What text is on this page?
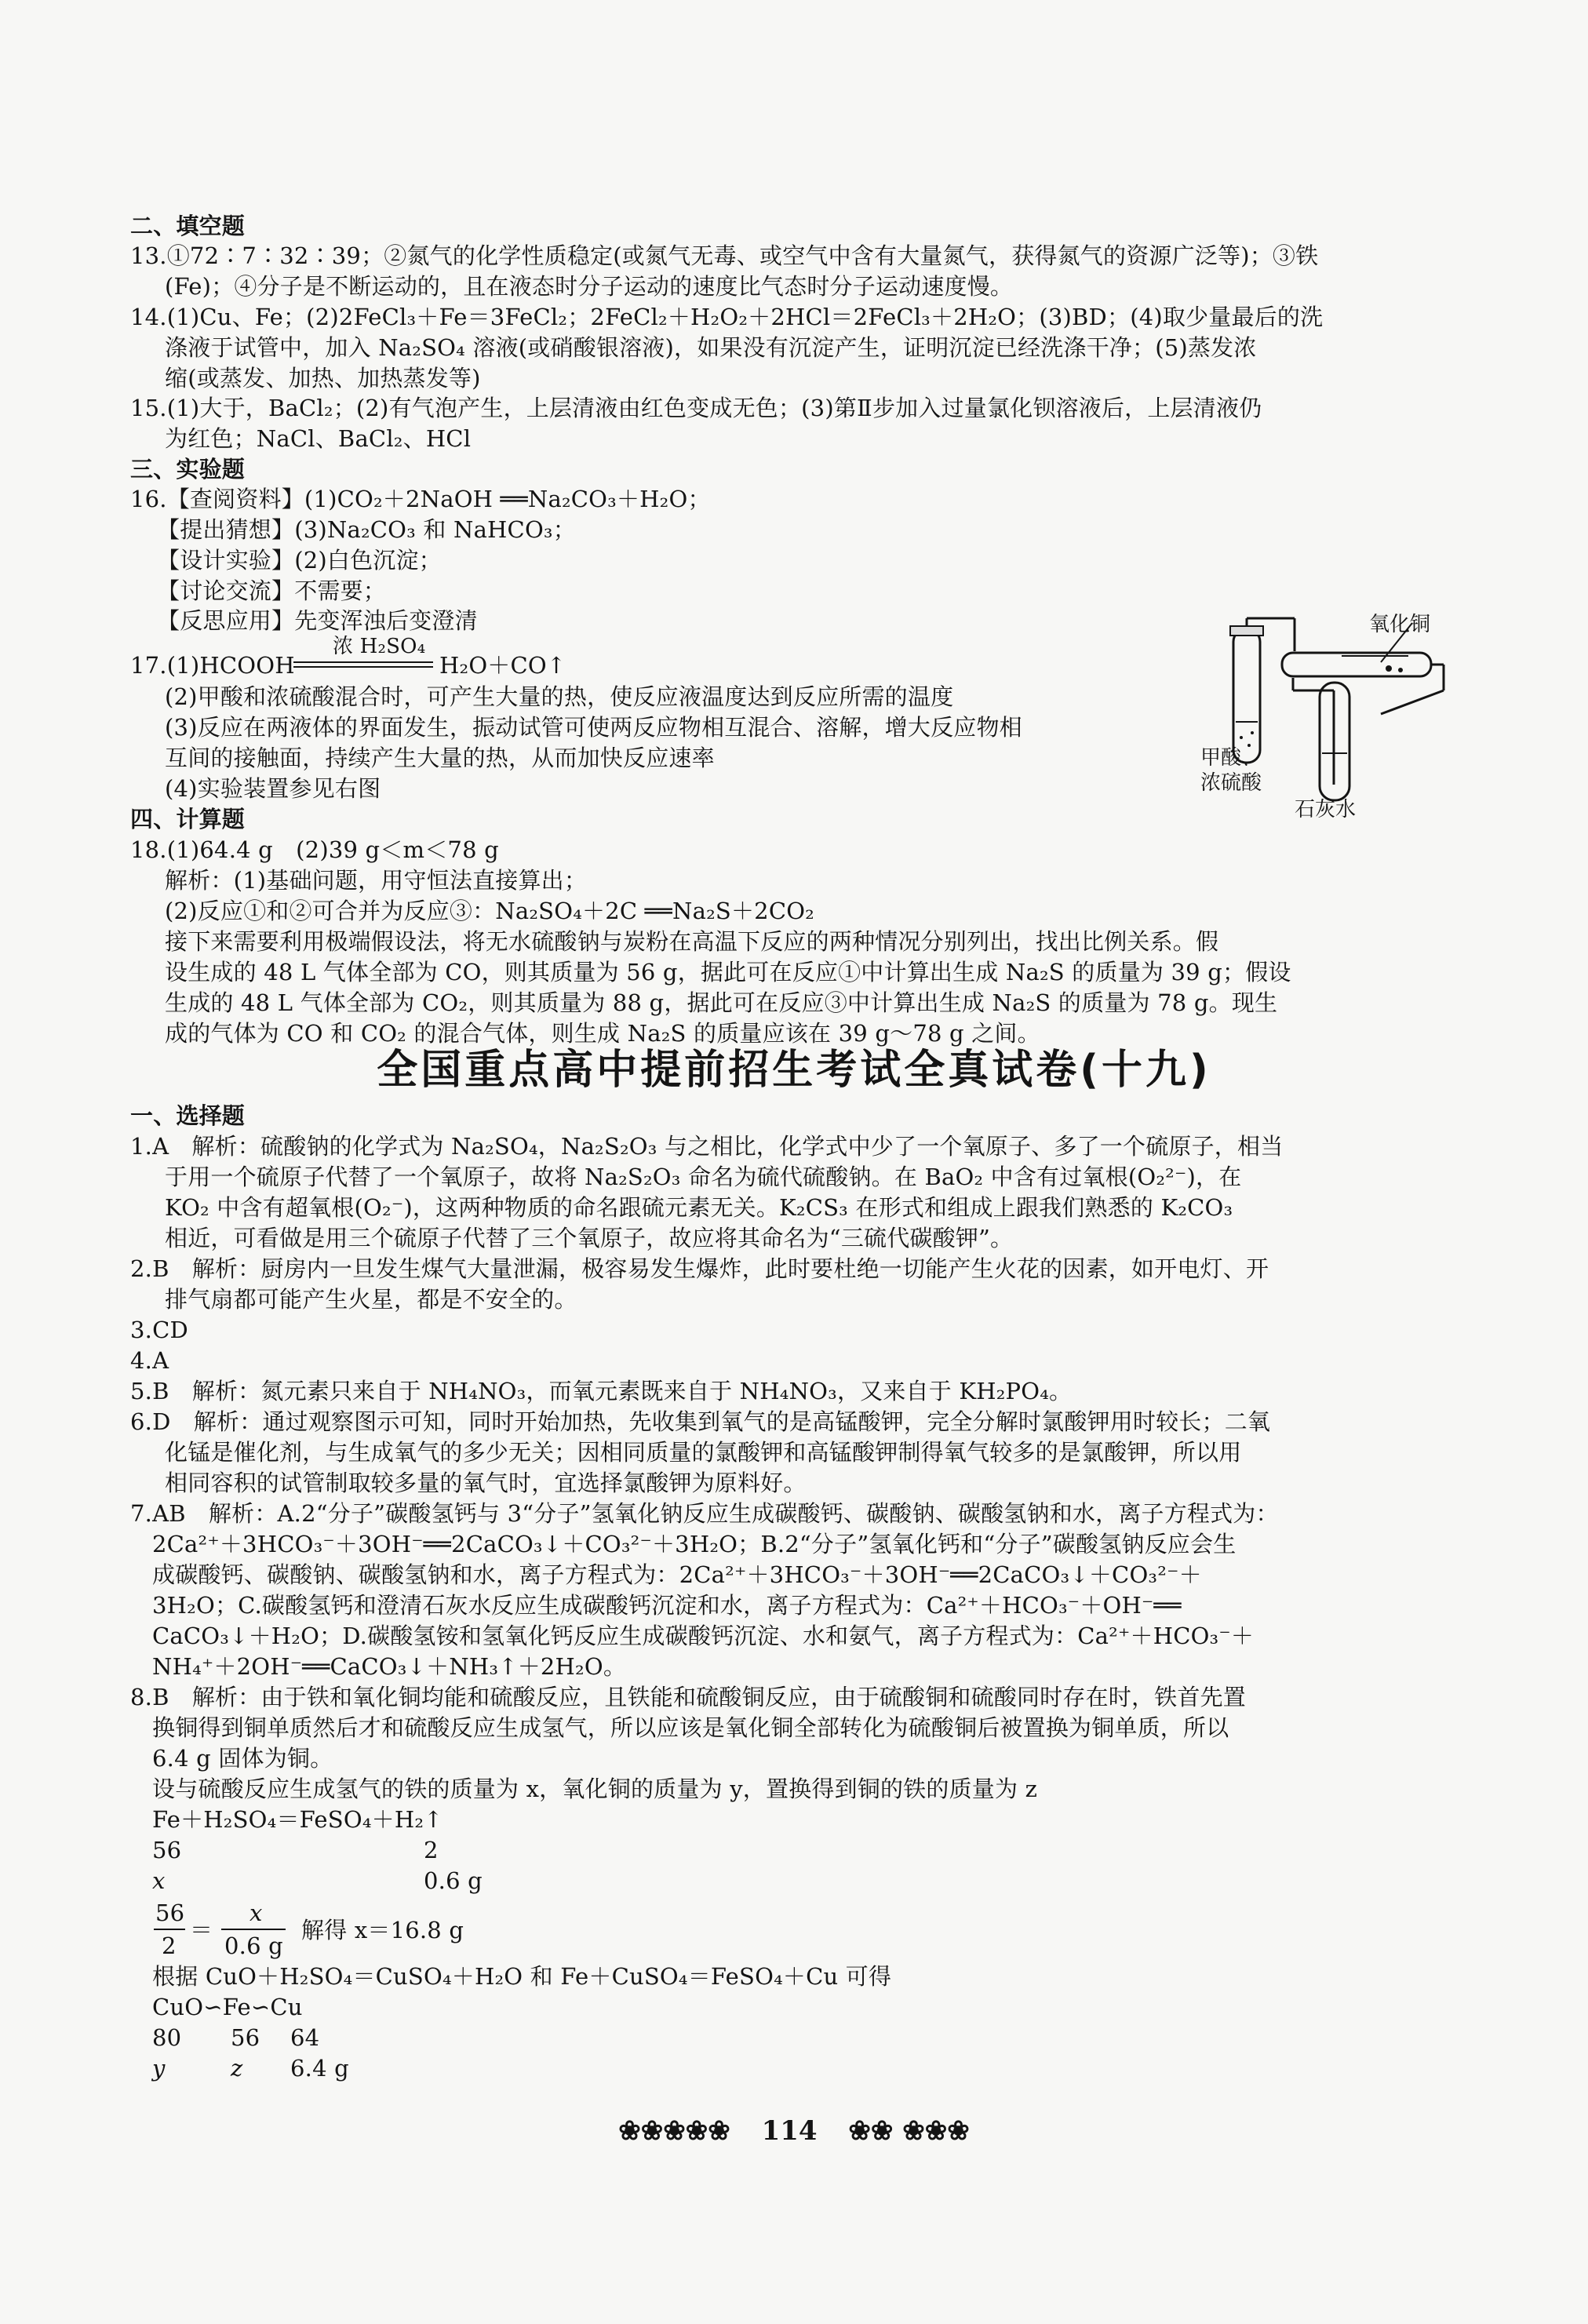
二、填空题
13.①72∶7∶32∶39；②氮气的化学性质稳定(或氮气无毒、或空气中含有大量氮气，获得氮气的资源广泛等)；③铁
(Fe)；④分子是不断运动的，且在液态时分子运动的速度比气态时分子运动速度慢。
14.(1)Cu、Fe；(2)2FeCl₃＋Fe＝3FeCl₂；2FeCl₂＋H₂O₂＋2HCl＝2FeCl₃＋2H₂O；(3)BD；(4)取少量最后的洗
涤液于试管中，加入 Na₂SO₄ 溶液(或硝酸银溶液)，如果没有沉淀产生，证明沉淀已经洗涤干净；(5)蒸发浓
缩(或蒸发、加热、加热蒸发等)
15.(1)大于，BaCl₂；(2)有气泡产生，上层清液由红色变成无色；(3)第Ⅱ步加入过量氯化钡溶液后，上层清液仍
为红色；NaCl、BaCl₂、HCl
三、实验题
16.【查阅资料】(1)CO₂＋2NaOH ══Na₂CO₃＋H₂O；
【提出猜想】(3)Na₂CO₃ 和 NaHCO₃；
【设计实验】(2)白色沉淀；
【讨论交流】不需要；
【反思应用】先变浑浊后变澄清
浓 H₂SO₄
17.(1)HCOOH	H₂O＋CO↑
(2)甲酸和浓硫酸混合时，可产生大量的热，使反应液温度达到反应所需的温度
(3)反应在两液体的界面发生，振动试管可使两反应物相互混合、溶解，增大反应物相
互间的接触面，持续产生大量的热，从而加快反应速率
(4)实验装置参见右图
氧化铜
甲酸、
浓硫酸
石灰水
四、计算题
18.(1)64.4 g　(2)39 g＜m＜78 g
解析：(1)基础问题，用守恒法直接算出；
(2)反应①和②可合并为反应③：Na₂SO₄＋2C ══Na₂S＋2CO₂
接下来需要利用极端假设法，将无水硫酸钠与炭粉在高温下反应的两种情况分别列出，找出比例关系。假
设生成的 48 L 气体全部为 CO，则其质量为 56 g，据此可在反应①中计算出生成 Na₂S 的质量为 39 g；假设
生成的 48 L 气体全部为 CO₂，则其质量为 88 g，据此可在反应③中计算出生成 Na₂S 的质量为 78 g。现生
成的气体为 CO 和 CO₂ 的混合气体，则生成 Na₂S 的质量应该在 39 g～78 g 之间。
全国重点高中提前招生考试全真试卷(十九)
一、选择题
1.A　解析：硫酸钠的化学式为 Na₂SO₄，Na₂S₂O₃ 与之相比，化学式中少了一个氧原子、多了一个硫原子，相当
于用一个硫原子代替了一个氧原子，故将 Na₂S₂O₃ 命名为硫代硫酸钠。在 BaO₂ 中含有过氧根(O₂²⁻)，在
KO₂ 中含有超氧根(O₂⁻)，这两种物质的命名跟硫元素无关。K₂CS₃ 在形式和组成上跟我们熟悉的 K₂CO₃
相近，可看做是用三个硫原子代替了三个氧原子，故应将其命名为“三硫代碳酸钾”。
2.B　解析：厨房内一旦发生煤气大量泄漏，极容易发生爆炸，此时要杜绝一切能产生火花的因素，如开电灯、开
排气扇都可能产生火星，都是不安全的。
3.CD
4.A
5.B　解析：氮元素只来自于 NH₄NO₃，而氧元素既来自于 NH₄NO₃，又来自于 KH₂PO₄。
6.D　解析：通过观察图示可知，同时开始加热，先收集到氧气的是高锰酸钾，完全分解时氯酸钾用时较长；二氧
化锰是催化剂，与生成氧气的多少无关；因相同质量的氯酸钾和高锰酸钾制得氧气较多的是氯酸钾，所以用
相同容积的试管制取较多量的氧气时，宜选择氯酸钾为原料好。
7.AB　解析：A.2“分子”碳酸氢钙与 3“分子”氢氧化钠反应生成碳酸钙、碳酸钠、碳酸氢钠和水，离子方程式为：
2Ca²⁺＋3HCO₃⁻＋3OH⁻══2CaCO₃↓＋CO₃²⁻＋3H₂O；B.2“分子”氢氧化钙和“分子”碳酸氢钠反应会生
成碳酸钙、碳酸钠、碳酸氢钠和水，离子方程式为：2Ca²⁺＋3HCO₃⁻＋3OH⁻══2CaCO₃↓＋CO₃²⁻＋
3H₂O；C.碳酸氢钙和澄清石灰水反应生成碳酸钙沉淀和水，离子方程式为：Ca²⁺＋HCO₃⁻＋OH⁻══
CaCO₃↓＋H₂O；D.碳酸氢铵和氢氧化钙反应生成碳酸钙沉淀、水和氨气，离子方程式为：Ca²⁺＋HCO₃⁻＋
NH₄⁺＋2OH⁻══CaCO₃↓＋NH₃↑＋2H₂O。
8.B　解析：由于铁和氧化铜均能和硫酸反应，且铁能和硫酸铜反应，由于硫酸铜和硫酸同时存在时，铁首先置
换铜得到铜单质然后才和硫酸反应生成氢气，所以应该是氧化铜全部转化为硫酸铜后被置换为铜单质，所以
6.4 g 固体为铜。
设与硫酸反应生成氢气的铁的质量为 x，氧化铜的质量为 y，置换得到铜的铁的质量为 z
Fe＋H₂SO₄＝FeSO₄＋H₂↑
56	2
x	0.6 g
56
2
＝
x
0.6 g
解得 x＝16.8 g
根据 CuO＋H₂SO₄＝CuSO₄＋H₂O 和 Fe＋CuSO₄＝FeSO₄＋Cu 可得
CuO∽Fe∽Cu
80 56 64
y	z 6.4 g
❀❀❀❀❀ 114 ❀❀ ❀❀❀
